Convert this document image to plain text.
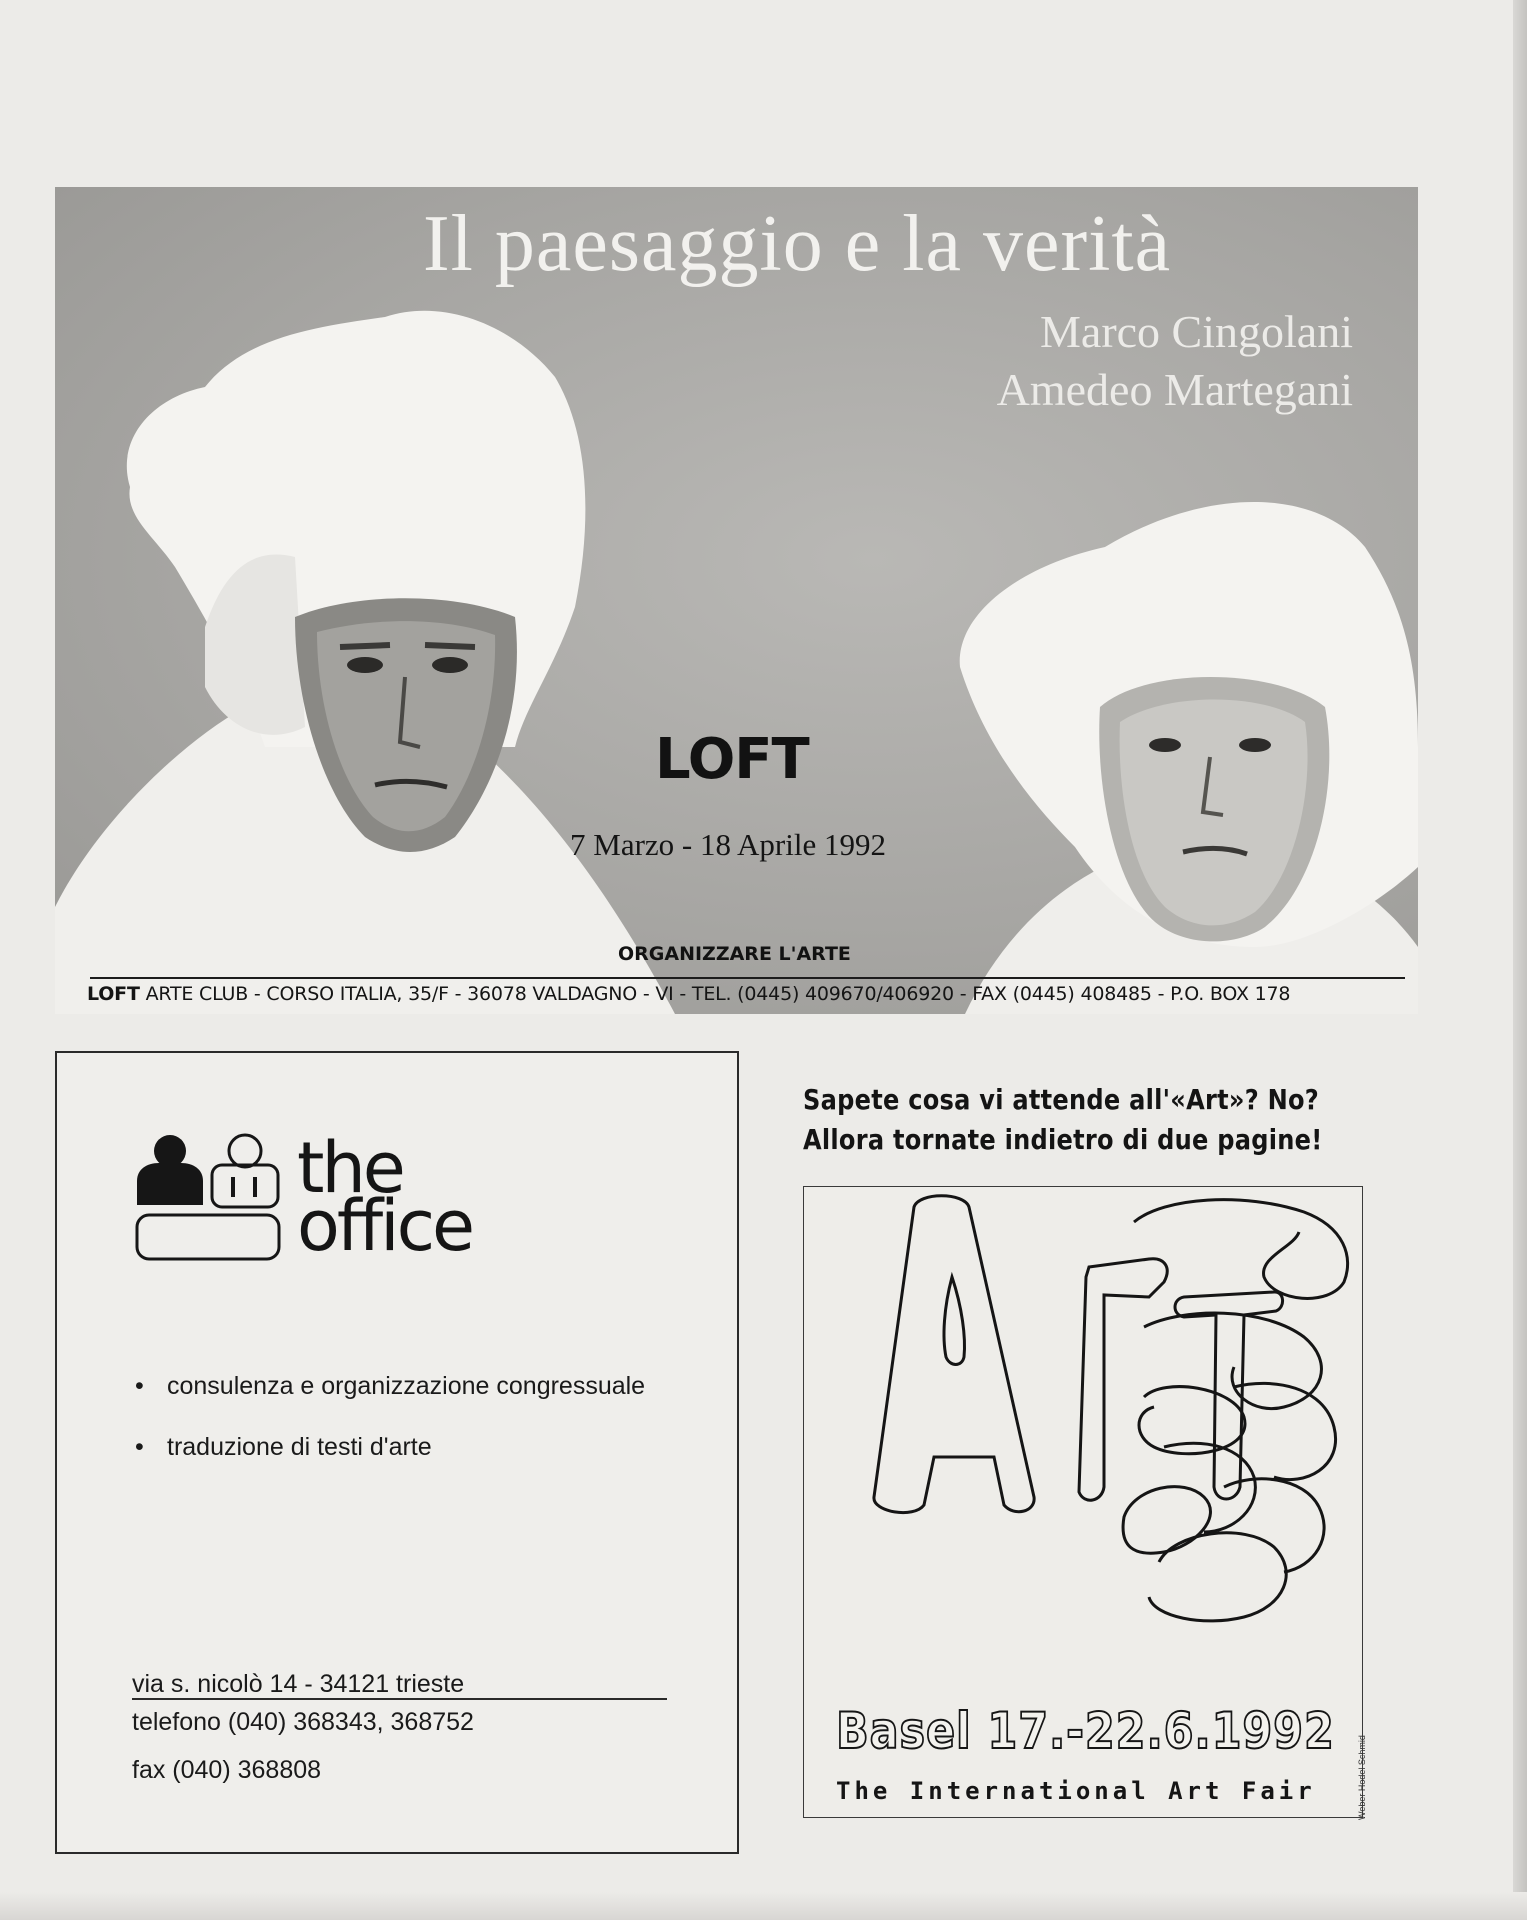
Il paesaggio e la verità
Marco Cingolani
Amedeo Martegani
LOFT
7 Marzo - 18 Aprile 1992
ORGANIZZARE L'ARTE
LOFT ARTE CLUB - CORSO ITALIA, 35/F - 36078 VALDAGNO - VI - TEL. (0445) 409670/406920 - FAX (0445) 408485 - P.O. BOX 178
the
office
• consulenza e organizzazione congressuale
• traduzione di testi d'arte
via s. nicolò 14 - 34121 trieste
telefono (040) 368343, 368752
fax (040) 368808
Sapete cosa vi attende all'«Art»? No?
Allora tornate indietro di due pagine!
Basel 17.-22.6.1992
The International Art Fair	Weber Hodel Schmid
